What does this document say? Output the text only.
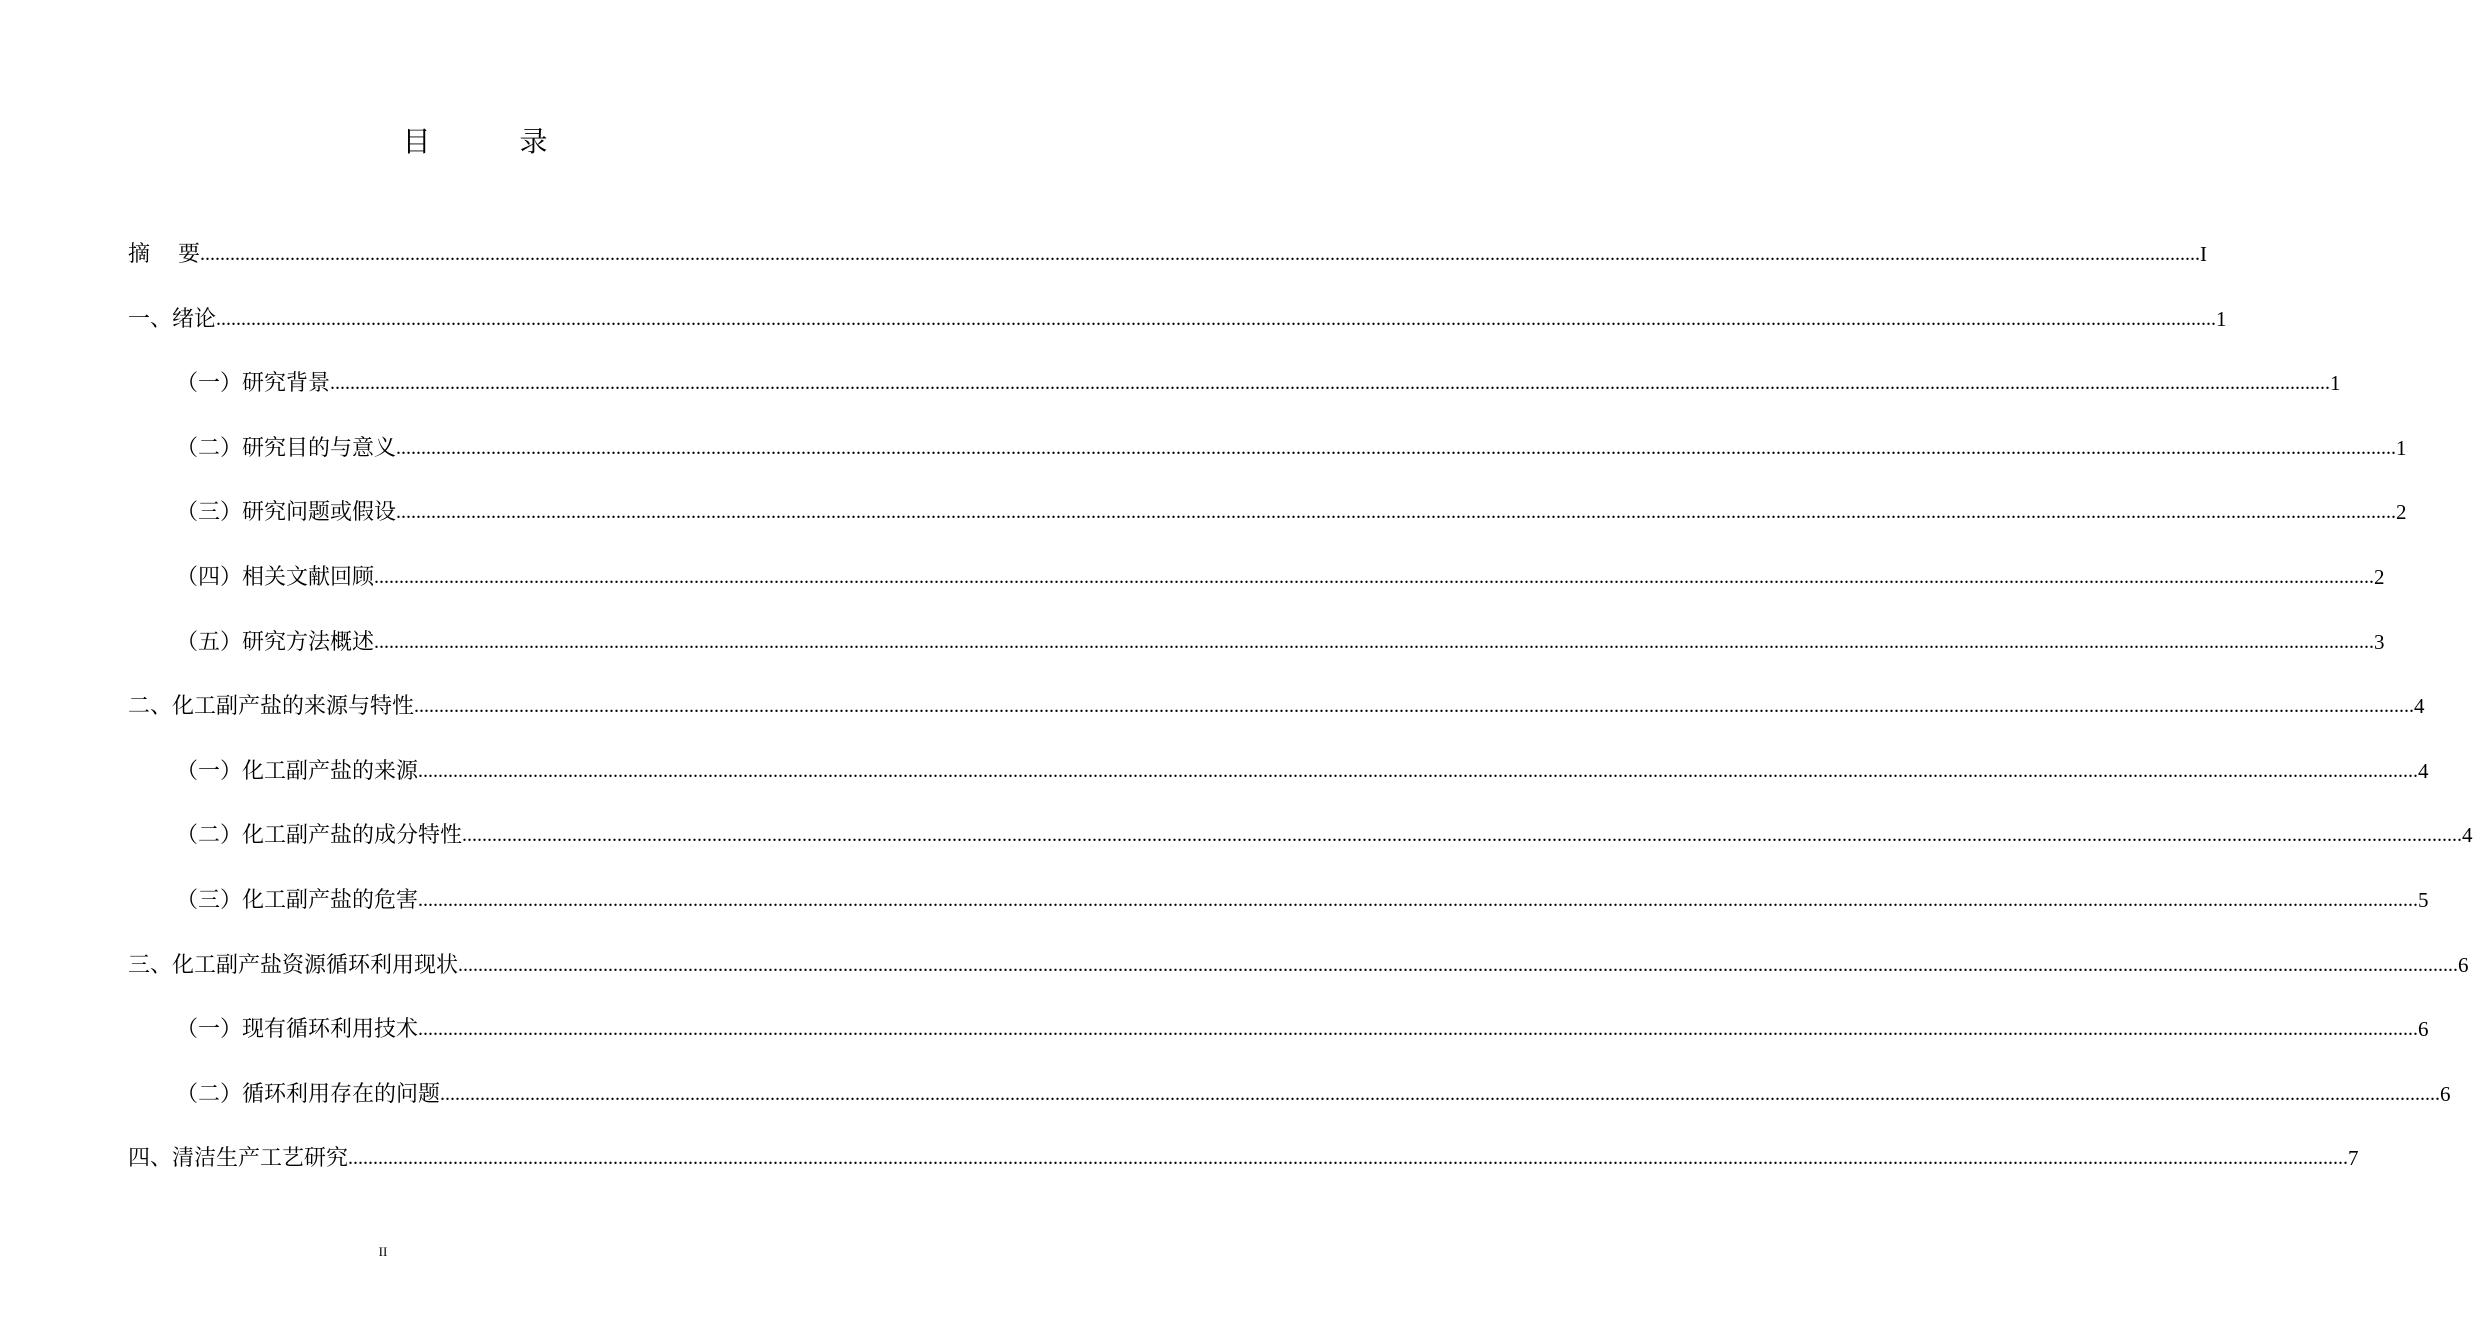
目 录
摘    要 ................................................................................................................................................................................................................................................................................................................................................................................................................ I
一、绪论 ................................................................................................................................................................................................................................................................................................................................................................................................................ 1
（一）研究背景 ................................................................................................................................................................................................................................................................................................................................................................................................................ 1
（二）研究目的与意义 ................................................................................................................................................................................................................................................................................................................................................................................................................ 1
（三）研究问题或假设 ................................................................................................................................................................................................................................................................................................................................................................................................................ 2
（四）相关文献回顾 ................................................................................................................................................................................................................................................................................................................................................................................................................ 2
（五）研究方法概述 ................................................................................................................................................................................................................................................................................................................................................................................................................ 3
二、化工副产盐的来源与特性 ................................................................................................................................................................................................................................................................................................................................................................................................................ 4
（一）化工副产盐的来源 ................................................................................................................................................................................................................................................................................................................................................................................................................ 4
（二）化工副产盐的成分特性 ................................................................................................................................................................................................................................................................................................................................................................................................................ 4
（三）化工副产盐的危害 ................................................................................................................................................................................................................................................................................................................................................................................................................ 5
三、化工副产盐资源循环利用现状 ................................................................................................................................................................................................................................................................................................................................................................................................................ 6
（一）现有循环利用技术 ................................................................................................................................................................................................................................................................................................................................................................................................................ 6
（二）循环利用存在的问题 ................................................................................................................................................................................................................................................................................................................................................................................................................ 6
四、清洁生产工艺研究 ................................................................................................................................................................................................................................................................................................................................................................................................................ 7
II
